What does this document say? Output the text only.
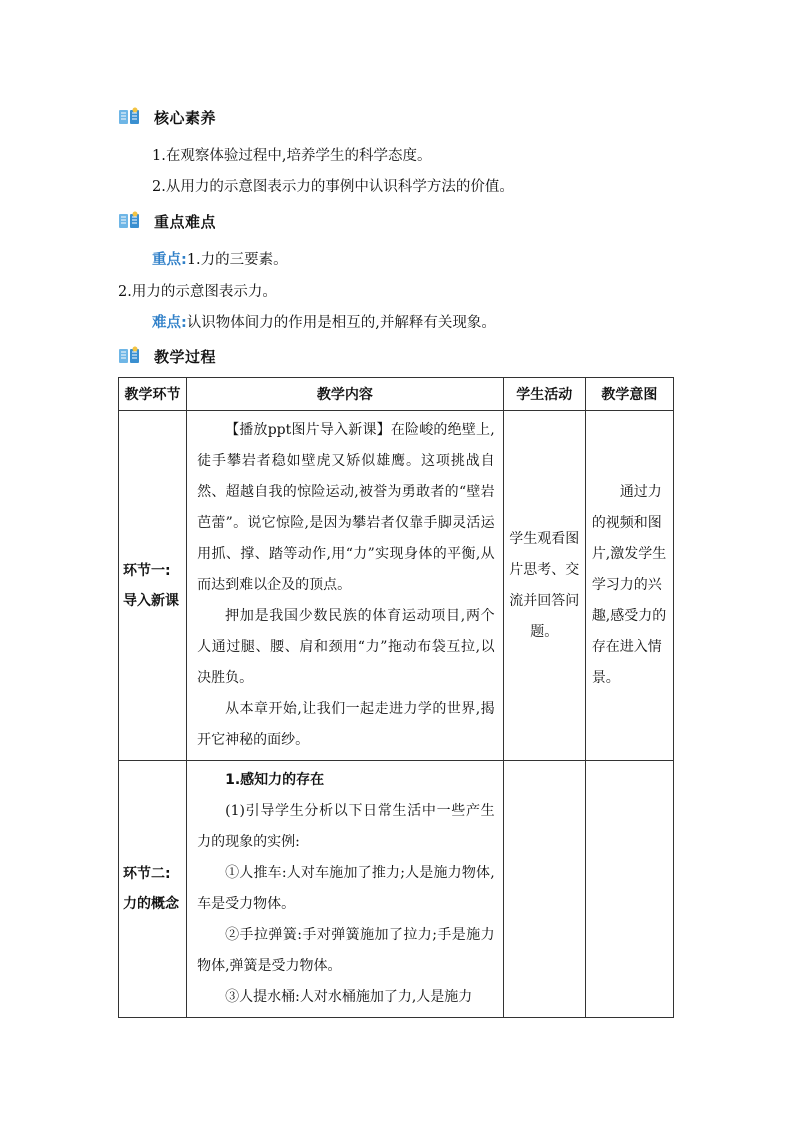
核心素养
1.在观察体验过程中,培养学生的科学态度。
2.从用力的示意图表示力的事例中认识科学方法的价值。
重点难点
重点:1.力的三要素。
2.用力的示意图表示力。
难点:认识物体间力的作用是相互的,并解释有关现象。
教学过程
教学环节	教学内容	学生活动	教学意图
环节一:导入新课	【播放ppt图片导入新课】在险峻的绝壁上,徒手攀岩者稳如壁虎又矫似雄鹰。这项挑战自然、超越自我的惊险运动,被誉为勇敢者的“壁岩芭蕾”。说它惊险,是因为攀岩者仅靠手脚灵活运用抓、撑、踏等动作,用“力”实现身体的平衡,从而达到难以企及的顶点。

押加是我国少数民族的体育运动项目,两个人通过腿、腰、肩和颈用“力”拖动布袋互拉,以决胜负。

从本章开始,让我们一起走进力学的世界,揭开它神秘的面纱。	学生观看图片思考、交流并回答问题。	通过力的视频和图片,激发学生学习力的兴趣,感受力的存在进入情景。

环节二:力的概念	1.感知力的存在

(1)引导学生分析以下日常生活中一些产生力的现象的实例:

①人推车:人对车施加了推力;人是施力物体,车是受力物体。

②手拉弹簧:手对弹簧施加了拉力;手是施力物体,弹簧是受力物体。

③人提水桶:人对水桶施加了力,人是施力		
